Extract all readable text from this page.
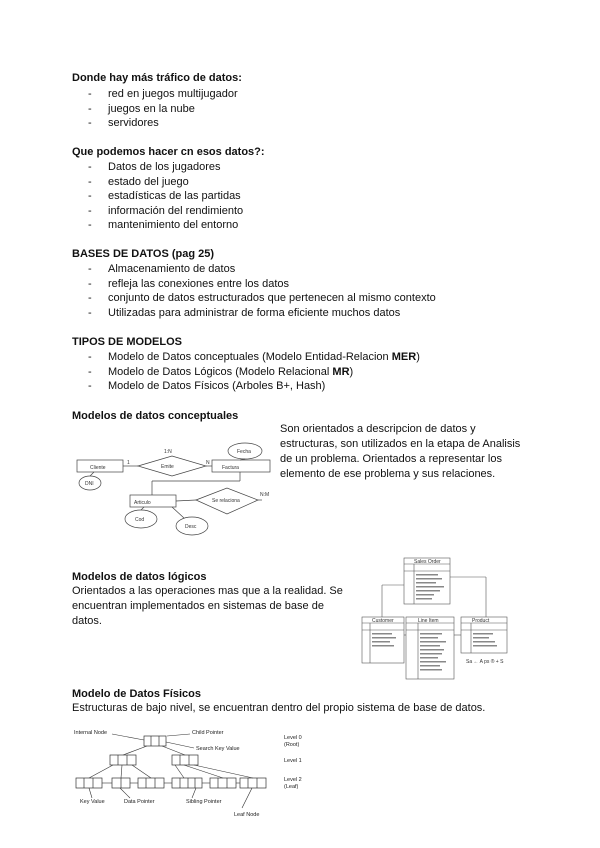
Donde hay más tráfico de datos:

- red en juegos multijugador
- juegos en la nube
- servidores

Que podemos hacer cn esos datos?:

- Datos de los jugadores
- estado del juego
- estadísticas de las partidas
- información del rendimiento
- mantenimiento del entorno

BASES DE DATOS (pag 25)

- Almacenamiento de datos
- refleja las conexiones entre los datos
- conjunto de datos estructurados que pertenecen al mismo contexto
- Utilizadas para administrar de forma eficiente muchos datos

TIPOS DE MODELOS

- Modelo de Datos conceptuales (Modelo Entidad-Relacion MER)
- Modelo de Datos Lógicos (Modelo Relacional MR)
- Modelo de Datos Físicos (Arboles B+, Hash)

Modelos de datos conceptuales

Son orientados a descripcion de datos y estructuras, son utilizados en la etapa de Analisis de un problema. Orientados a representar los elemento de ese problema y sus relaciones.

Cliente	Emite	Factura
Articulo	Se relaciona
DNI
Fecha
Cod
Desc
1:N
1	N
N:M

Modelos de datos lógicos

Orientados a las operaciones mas que a la realidad. Se encuentran implementados en sistemas de base de datos.

Sales Order
Customer	Line Item	Product
Sa ← A ps ® + S

Modelo de Datos Físicos

Estructuras de bajo nivel, se encuentran dentro del propio sistema de base de datos.

Internal Node	Child Pointer
Search Key Value
Level 0
(Root)
Level 1
Level 2
(Leaf)
Key Value	Data Pointer	Sibling Pointer
Leaf Node
